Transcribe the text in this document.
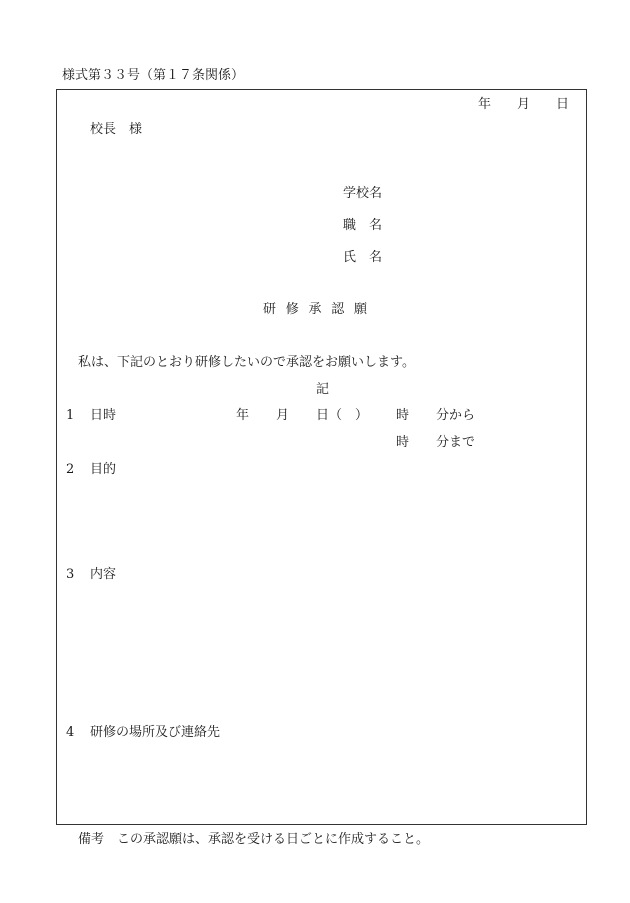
様式第３３号（第１７条関係）
年 月 日
校長　様
学校名
職　名
氏　名
研修承認願
私は、下記のとおり研修したいので承認をお願いします。
記
1 日時	年 月 日（　） 時 分から
時 分まで
2 目的
3 内容
4 研修の場所及び連絡先
備考　この承認願は、承認を受ける日ごとに作成すること。
